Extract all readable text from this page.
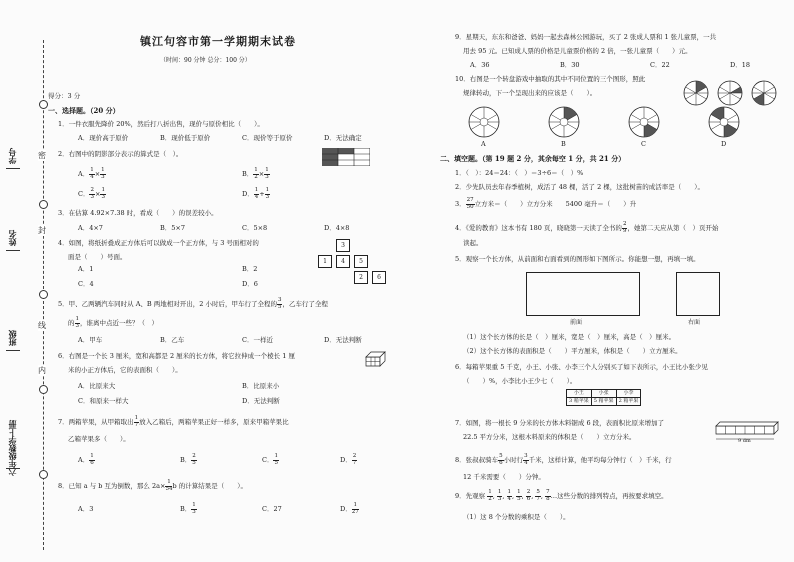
六年级数学上册
班级
姓名
学号	密
封
线
内
镇江句容市第一学期期末试卷
（时间：90 分钟 总分：100 分）
得分：3 分
一、选择题。（20 分）
1．一件衣服先降价 20%，然后打八折出售，现价与原价相比（　　）。
A．现价高于原价	B．现价低于原价	C．现价等于原价	D．无法确定
2．右图中的阴影部分表示的算式是（　）。
A． $\frac{1}{4} \times \frac{1}{3}$	B． $\frac{1}{2} \times \frac{1}{3}$
C． $\frac{2}{3} \times \frac{1}{3}$	D． $\frac{1}{4} + \frac{1}{3}$
3．在估算 4.92×7.38 时，看成（　　）的误差较小。
A．4×7	B．5×7	C．5×8	D．4×8
4．如图，将纸折叠成正方体后可以做成一个正方体，与 3 号面相对的
面是（　　）号面。
A．1	B．2
C．4	D．6
3
1	4	5
2	6
5．甲、乙两辆汽车同时从 A、B 两地相对开出，2 小时后，甲车行了全程的 $\frac{3}{5}$ ，乙车行了全程
的 $\frac{1}{3}$ ，谁离中点近一些？（　）
A．甲车	B．乙车	C．一样近	D．无法判断
6．右图是一个长 3 厘米，宽和高都是 2 厘米的长方体，将它拉伸成一个棱长 1 厘
米的小正方体后，它的表面积（　　）。
A．比原来大	B．比原来小
C．和原来一样大	D．无法判断
7．两箱苹果，从甲箱取出 $\frac{1}{7}$ 放入乙箱后，两箱苹果正好一样多，原来甲箱苹果比
乙箱苹果多（　　）。
A． $\frac{1}{6}$	B． $\frac{2}{5}$	C． $\frac{1}{5}$	D． $\frac{2}{7}$
8．已知 a 与 b 互为倒数，那么 $2a\times \frac{1}{54}$ b 的计算结果是（　　）。
A．3	B． $\frac{1}{3}$	C．27	D． $\frac{1}{27}$
9．星期天，东东和爸爸、妈妈一起去森林公园游玩，买了 2 张成人票和 1 张儿童票，一共
用去 95 元。已知成人票的价格是儿童票价格的 2 倍，一张儿童票（　　）元。
A．36	B．30	C．22	D．18
10．右图是一个转盘游戏中抽取的其中不同位置的三个图形，照此
规律转动，下一个呈现出来的应该是（　　）。
A	B	C	D
二、填空题。（第 19 题 2 分，其余每空 1 分，共 21 分）
1．（　）：24＝24：（　）＝3÷6＝（　）%
2．少先队员去年春季植树，成活了 48 棵，活了 2 棵，这批树苗的成活率是（　　）。
3． $\frac{27}{50}$ 立方米＝（　　）立方分米　　5400 毫升＝（　　）升
4．《爱的教育》这本书有 180 页，晓晓第一天读了全书的 $\frac{2}{9}$ ，她第二天应从第（　）页开始
读起。
5．观察一个长方体，从前面和右面看到的图形如下图所示。你能想一想，再填一填。
前面	右面
（1）这个长方体的长是（　）厘米，宽是（　）厘米，高是（　）厘米。
（2）这个长方体的表面积是（　　）平方厘米，体积是（　　）立方厘米。
6．每箱苹果重 5 千克，小王、小张、小李三个人分别买了如下表所示，小王比小张少见
（　　）%，小李比小王少七（　　）。
小王	小张	小李
3 箱苹果	5 箱苹果	2 箱苹果
7．如图，将一根长 9 分米的长方体木料锯成 6 段，表面积比原来增加了
22.5 平方分米，这根木料原来的体积是（　　）立方分米。	9 dm
8．张叔叔骑车 $\frac{5}{6}$ 小时行 $\frac{3}{4}$ 千米，这样计算，他平均每分钟行（　）千米，行
12 千米需要（　　）分钟。
9．先观察 $\frac{1}{2}$ , $\frac{1}{3}$ , $\frac{1}{4}$ , $\frac{1}{5}$ , $\frac{2}{6}$ , $\frac{5}{7}$ , $\frac{7}{8}$ …这些分数的排列特点，再按要求填空。
（1）这 8 个分数的乘积是（　　）。
